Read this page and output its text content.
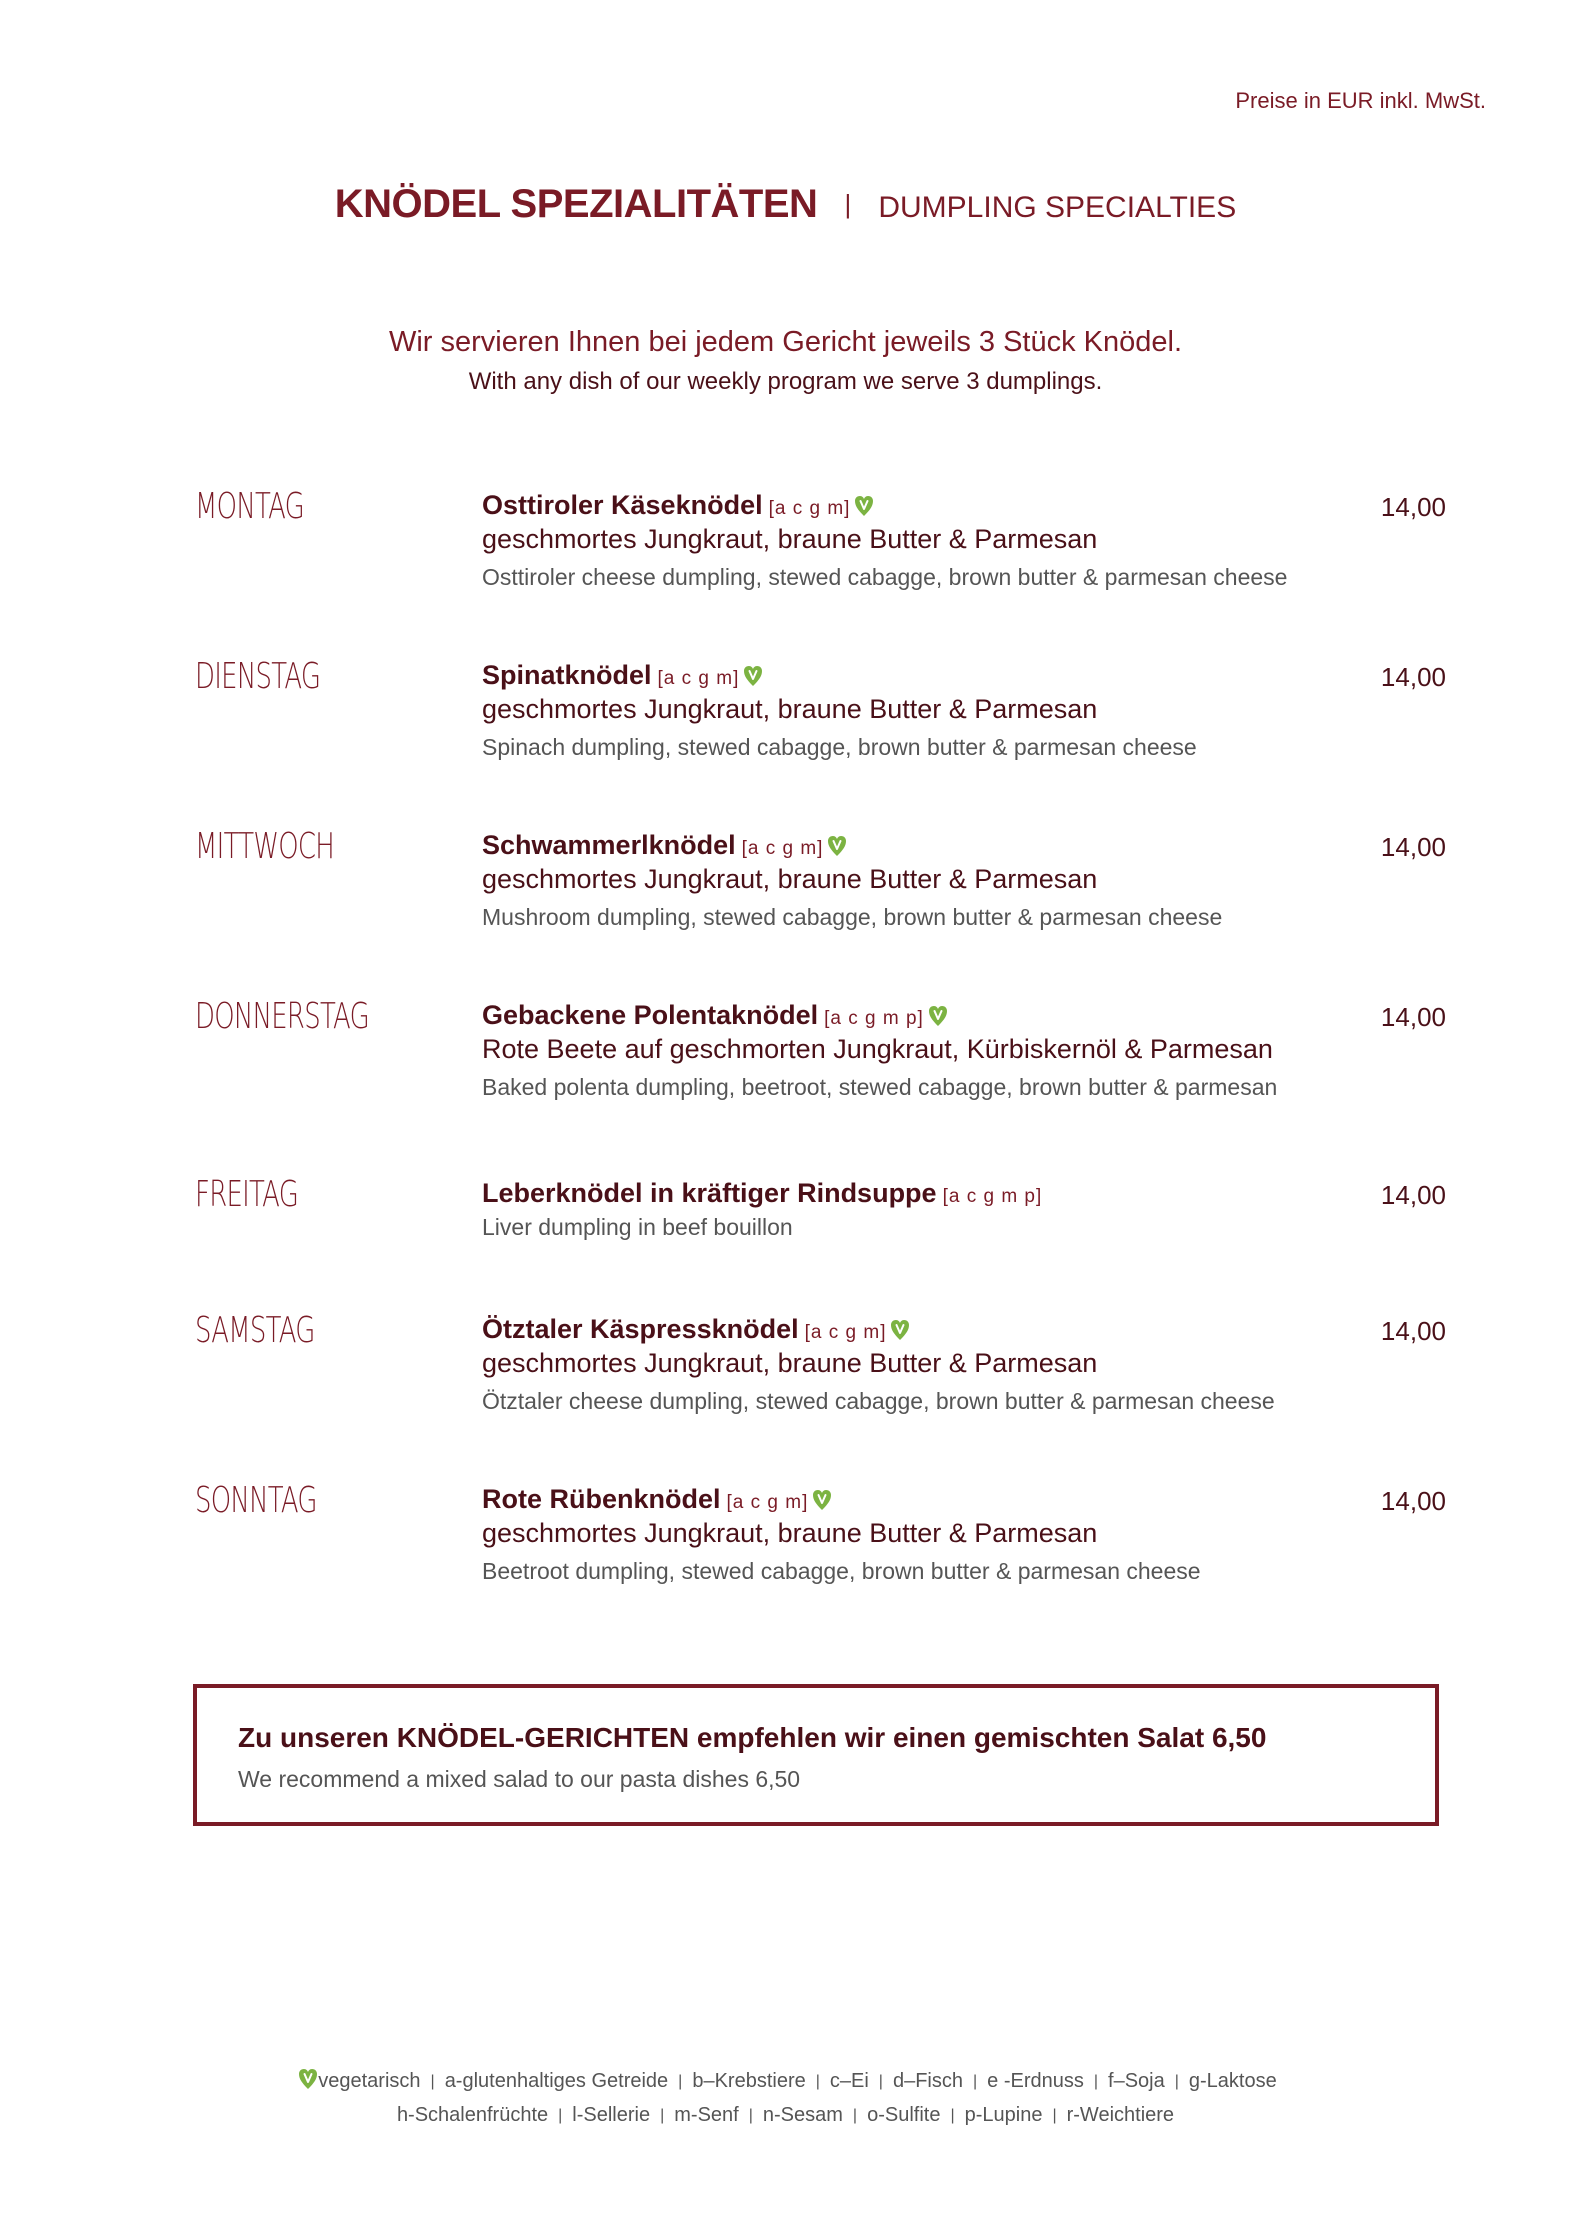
Preise in EUR inkl. MwSt.
KNÖDEL SPEZIALITÄTEN | DUMPLING SPECIALTIES
Wir servieren Ihnen bei jedem Gericht jeweils 3 Stück Knödel.
With any dish of our weekly program we serve 3 dumplings.
MONTAG	Osttiroler Käseknödel [a c g m]
geschmortes Jungkraut, braune Butter & Parmesan
Osttiroler cheese dumpling, stewed cabagge, brown butter & parmesan cheese
14,00
DIENSTAG	Spinatknödel [a c g m]
geschmortes Jungkraut, braune Butter & Parmesan
Spinach dumpling, stewed cabagge, brown butter & parmesan cheese
14,00
MITTWOCH	Schwammerlknödel [a c g m]
geschmortes Jungkraut, braune Butter & Parmesan
Mushroom dumpling, stewed cabagge, brown butter & parmesan cheese
14,00
DONNERSTAG	Gebackene Polentaknödel [a c g m p]
Rote Beete auf geschmorten Jungkraut, Kürbiskernöl & Parmesan
Baked polenta dumpling, beetroot, stewed cabagge, brown butter & parmesan
14,00
FREITAG	Leberknödel in kräftiger Rindsuppe [a c g m p]
Liver dumpling in beef bouillon
14,00
SAMSTAG	Ötztaler Käspressknödel [a c g m]
geschmortes Jungkraut, braune Butter & Parmesan
Ötztaler cheese dumpling, stewed cabagge, brown butter & parmesan cheese
14,00
SONNTAG	Rote Rübenknödel [a c g m]
geschmortes Jungkraut, braune Butter & Parmesan
Beetroot dumpling, stewed cabagge, brown butter & parmesan cheese
14,00
Zu unseren KNÖDEL-GERICHTEN empfehlen wir einen gemischten Salat 6,50
We recommend a mixed salad to our pasta dishes 6,50
vegetarisch | a-glutenhaltiges Getreide | b–Krebstiere | c–Ei | d–Fisch | e -Erdnuss | f–Soja | g-Laktose
h-Schalenfrüchte | l-Sellerie | m-Senf | n-Sesam | o-Sulfite | p-Lupine | r-Weichtiere
